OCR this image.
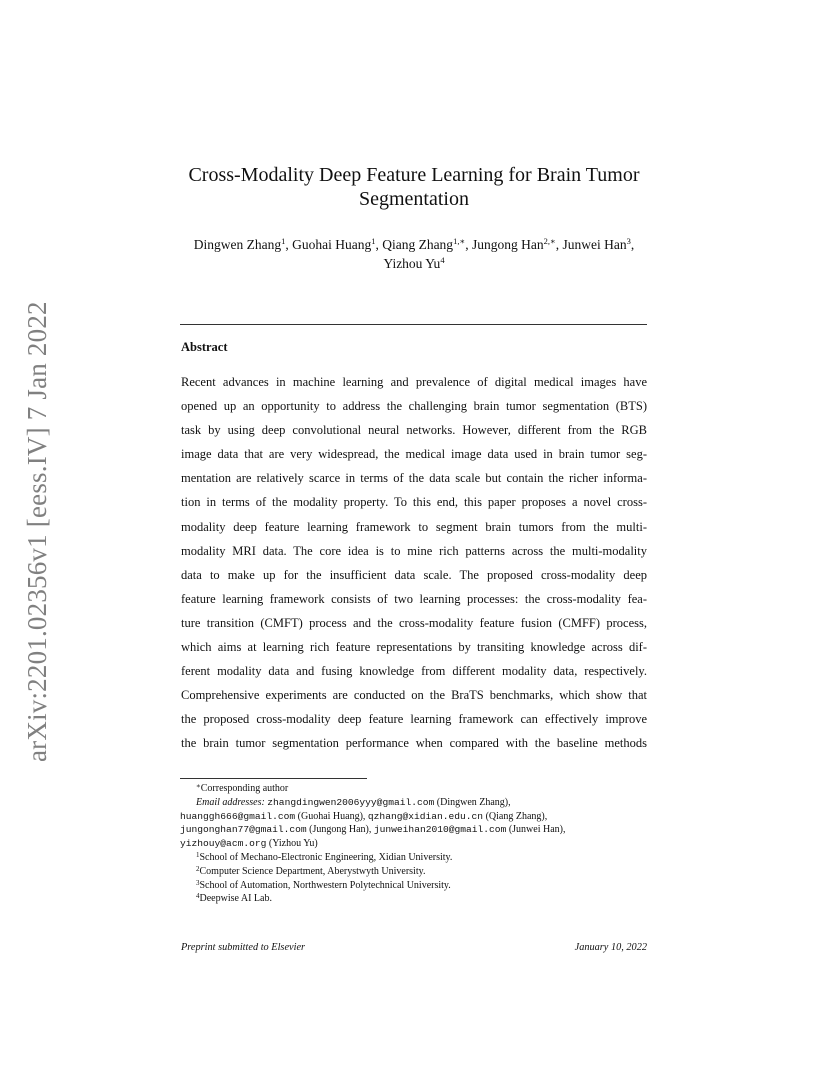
arXiv:2201.02356v1 [eess.IV] 7 Jan 2022
Cross-Modality Deep Feature Learning for Brain Tumor
Segmentation
Dingwen Zhang$^1$, Guohai Huang$^1$, Qiang Zhang$^{1,∗}$, Jungong Han$^{2,∗}$, Junwei Han$^3$,
Yizhou Yu$^4$
Abstract
Recent advances in machine learning and prevalence of digital medical images have
opened up an opportunity to address the challenging brain tumor segmentation (BTS)
task by using deep convolutional neural networks. However, different from the RGB
image data that are very widespread, the medical image data used in brain tumor seg-
mentation are relatively scarce in terms of the data scale but contain the richer informa-
tion in terms of the modality property. To this end, this paper proposes a novel cross-
modality deep feature learning framework to segment brain tumors from the multi-
modality MRI data. The core idea is to mine rich patterns across the multi-modality
data to make up for the insufficient data scale. The proposed cross-modality deep
feature learning framework consists of two learning processes: the cross-modality fea-
ture transition (CMFT) process and the cross-modality feature fusion (CMFF) process,
which aims at learning rich feature representations by transiting knowledge across dif-
ferent modality data and fusing knowledge from different modality data, respectively.
Comprehensive experiments are conducted on the BraTS benchmarks, which show that
the proposed cross-modality deep feature learning framework can effectively improve
the brain tumor segmentation performance when compared with the baseline methods
∗Corresponding author
Email addresses: zhangdingwen2006yyy@gmail.com (Dingwen Zhang),
huanggh666@gmail.com (Guohai Huang), qzhang@xidian.edu.cn (Qiang Zhang),
jungonghan77@gmail.com (Jungong Han), junweihan2010@gmail.com (Junwei Han),
yizhouy@acm.org (Yizhou Yu)
$^1$School of Mechano-Electronic Engineering, Xidian University.
$^2$Computer Science Department, Aberystwyth University.
$^3$School of Automation, Northwestern Polytechnical University.
$^4$Deepwise AI Lab.
Preprint submitted to Elsevier	January 10, 2022
